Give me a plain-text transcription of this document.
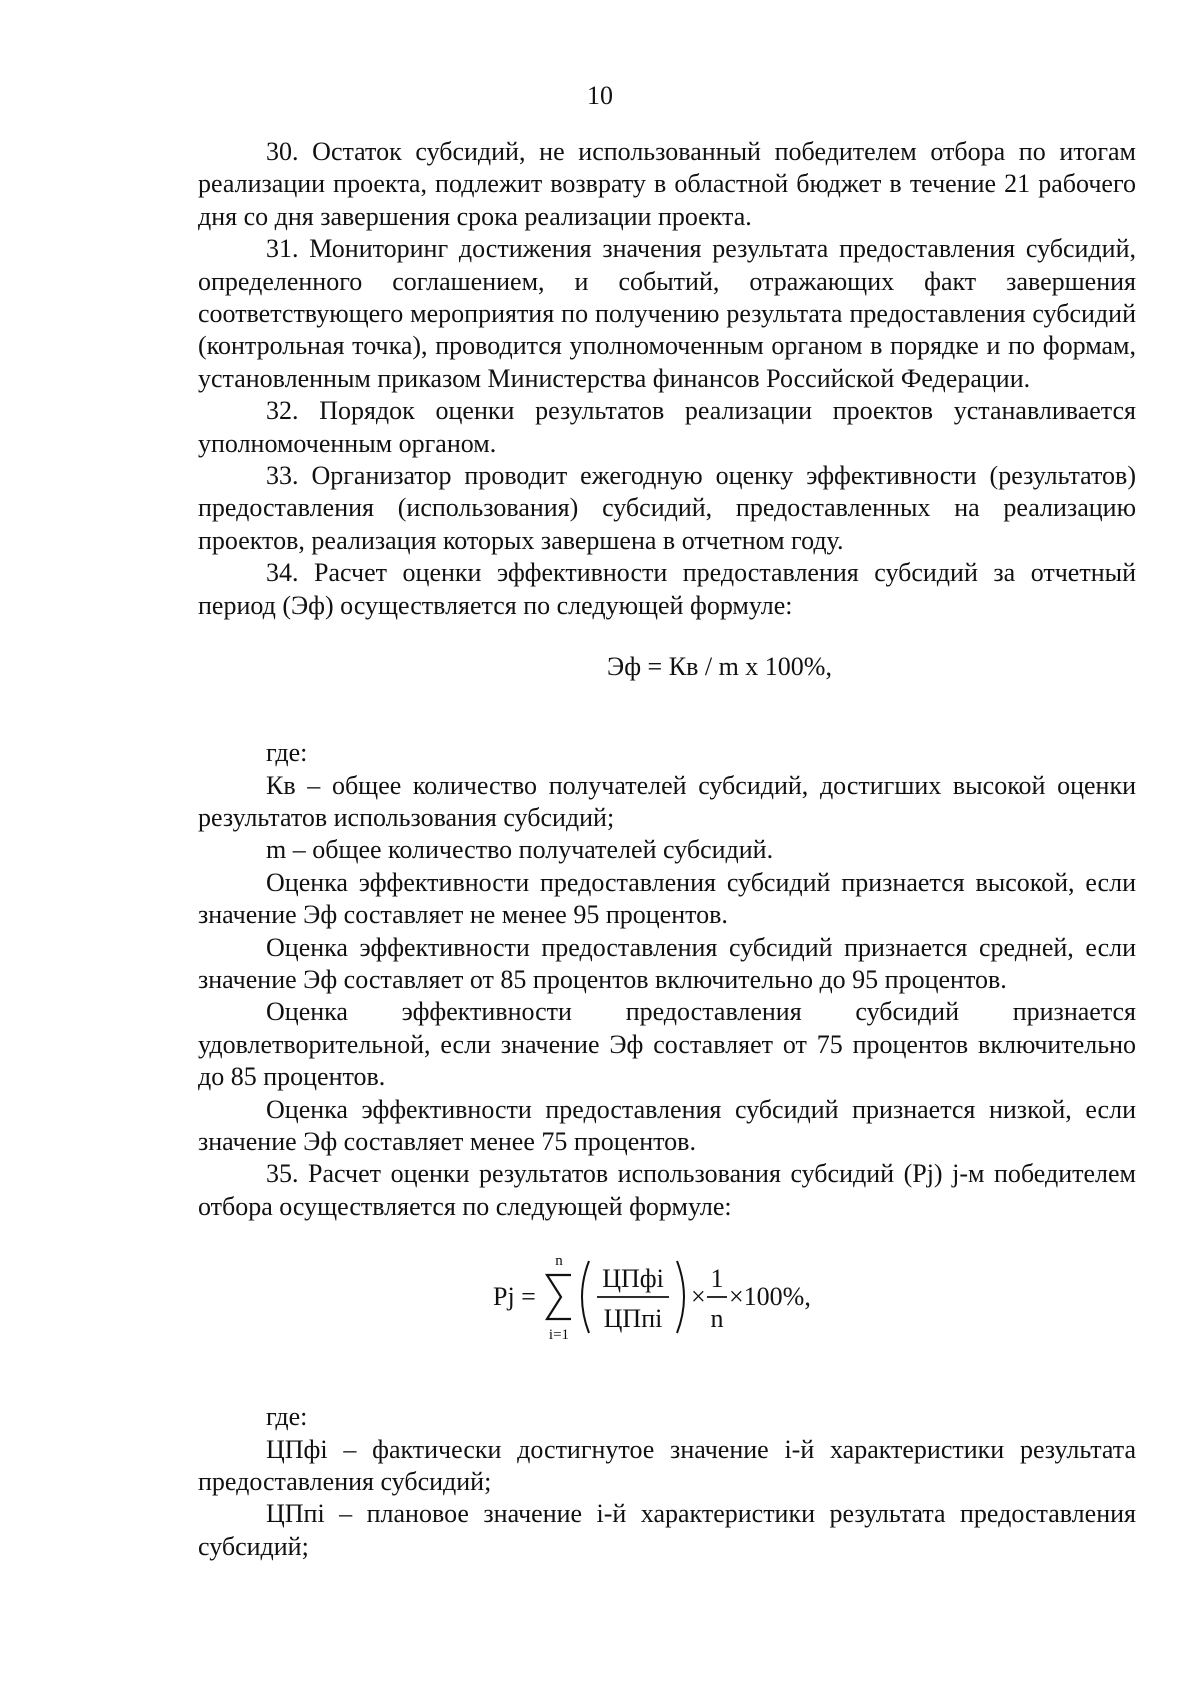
10

30. Остаток субсидий, не использованный победителем отбора по итогам реализации проекта, подлежит возврату в областной бюджет в течение 21 рабочего дня со дня завершения срока реализации проекта.

31. Мониторинг достижения значения результата предоставления субсидий, определенного соглашением, и событий, отражающих факт завершения соответствующего мероприятия по получению результата предоставления субсидий (контрольная точка), проводится уполномоченным органом в порядке и по формам, установленным приказом Министерства финансов Российской Федерации.

32. Порядок оценки результатов реализации проектов устанавливается уполномоченным органом.

33. Организатор проводит ежегодную оценку эффективности (результатов) предоставления (использования) субсидий, предоставленных на реализацию проектов, реализация которых завершена в отчетном году.

34. Расчет оценки эффективности предоставления субсидий за отчетный период (Эф) осуществляется по следующей формуле:

Эф = Кв / m x 100%,

где:

Кв – общее количество получателей субсидий, достигших высокой оценки результатов использования субсидий;

m – общее количество получателей субсидий.

Оценка эффективности предоставления субсидий признается высокой, если значение Эф составляет не менее 95 процентов.

Оценка эффективности предоставления субсидий признается средней, если значение Эф составляет от 85 процентов включительно до 95 процентов.

Оценка эффективности предоставления субсидий признается удовлетворительной, если значение Эф составляет от 75 процентов включительно до 85 процентов.

Оценка эффективности предоставления субсидий признается низкой, если значение Эф составляет менее 75 процентов.

35. Расчет оценки результатов использования субсидий (Pj) j-м победителем отбора осуществляется по следующей формуле:

Pj =
n
i=1
ЦПфi
ЦПпi
×
1
n
×100%,

где:

ЦПфi – фактически достигнутое значение i-й характеристики результата предоставления субсидий;

ЦПпi – плановое значение i-й характеристики результата предоставления субсидий;
